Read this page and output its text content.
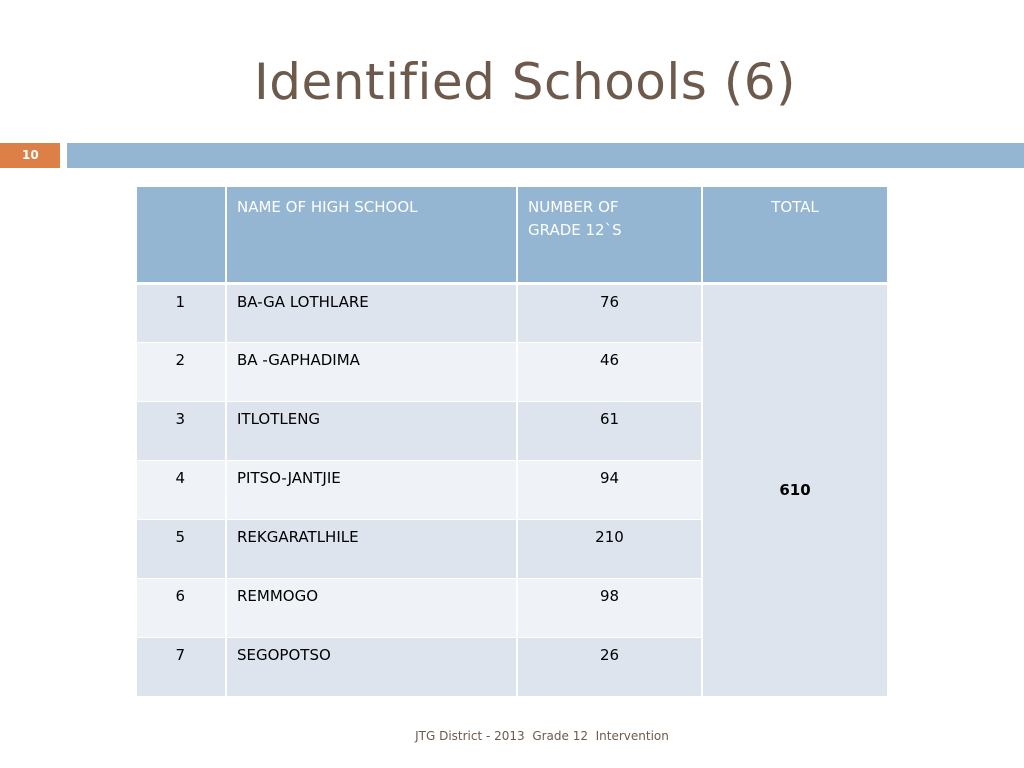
Identified Schools (6)
10
	NAME OF HIGH SCHOOL	NUMBER OF
GRADE 12`S	TOTAL
1	BA-GA LOTHLARE	76	610
2	BA -GAPHADIMA	46	
3	ITLOTLENG	61	
4	PITSO-JANTJIE	94	
5	REKGARATLHILE	210	
6	REMMOGO	98	
7	SEGOPOTSO	26	
JTG District - 2013  Grade 12  Intervention
